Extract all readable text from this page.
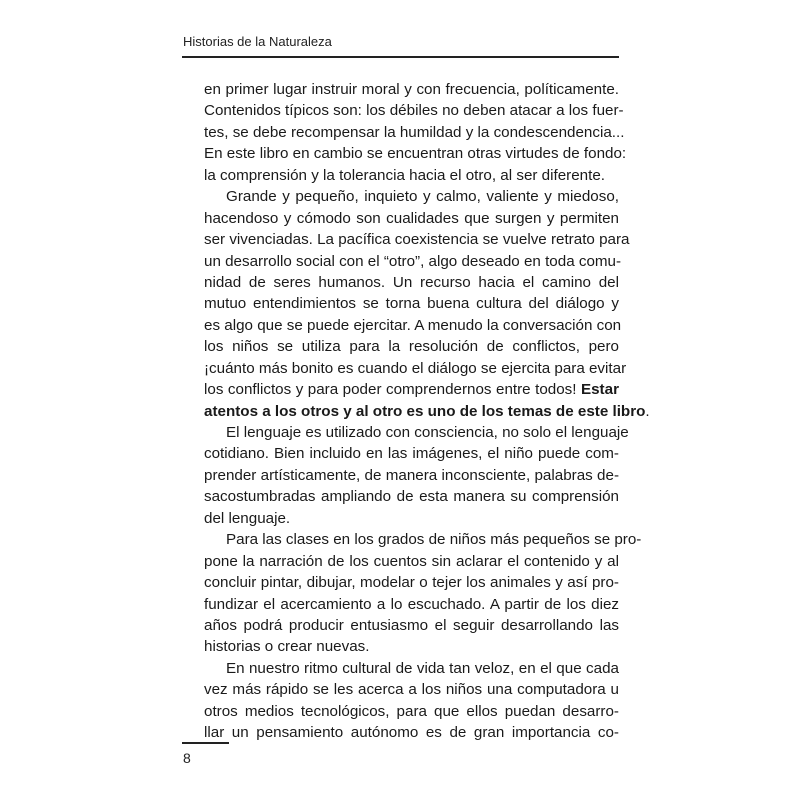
Historias de la Naturaleza
en primer lugar instruir moral y con frecuencia, políticamente.
Contenidos típicos son: los débiles no deben atacar a los fuer-
tes, se debe recompensar la humildad y la condescendencia...
En este libro en cambio se encuentran otras virtudes de fondo:
la comprensión y la tolerancia hacia el otro, al ser diferente.
Grande y pequeño, inquieto y calmo, valiente y miedoso,
hacendoso y cómodo son cualidades que surgen y permiten
ser vivenciadas. La pacífica coexistencia se vuelve retrato para
un desarrollo social con el “otro”, algo deseado en toda comu-
nidad de seres humanos. Un recurso hacia el camino del
mutuo entendimientos se torna buena cultura del diálogo y
es algo que se puede ejercitar. A menudo la conversación con
los niños se utiliza para la resolución de conflictos, pero
¡cuánto más bonito es cuando el diálogo se ejercita para evitar
los conflictos y para poder comprendernos entre todos! Estar
atentos a los otros y al otro es uno de los temas de este libro.
El lenguaje es utilizado con consciencia, no solo el lenguaje
cotidiano. Bien incluido en las imágenes, el niño puede com-
prender artísticamente, de manera inconsciente, palabras de-
sacostumbradas ampliando de esta manera su comprensión
del lenguaje.
Para las clases en los grados de niños más pequeños se pro-
pone la narración de los cuentos sin aclarar el contenido y al
concluir pintar, dibujar, modelar o tejer los animales y así pro-
fundizar el acercamiento a lo escuchado. A partir de los diez
años podrá producir entusiasmo el seguir desarrollando las
historias o crear nuevas.
En nuestro ritmo cultural de vida tan veloz, en el que cada
vez más rápido se les acerca a los niños una computadora u
otros medios tecnológicos, para que ellos puedan desarro-
llar un pensamiento autónomo es de gran importancia co-
8
